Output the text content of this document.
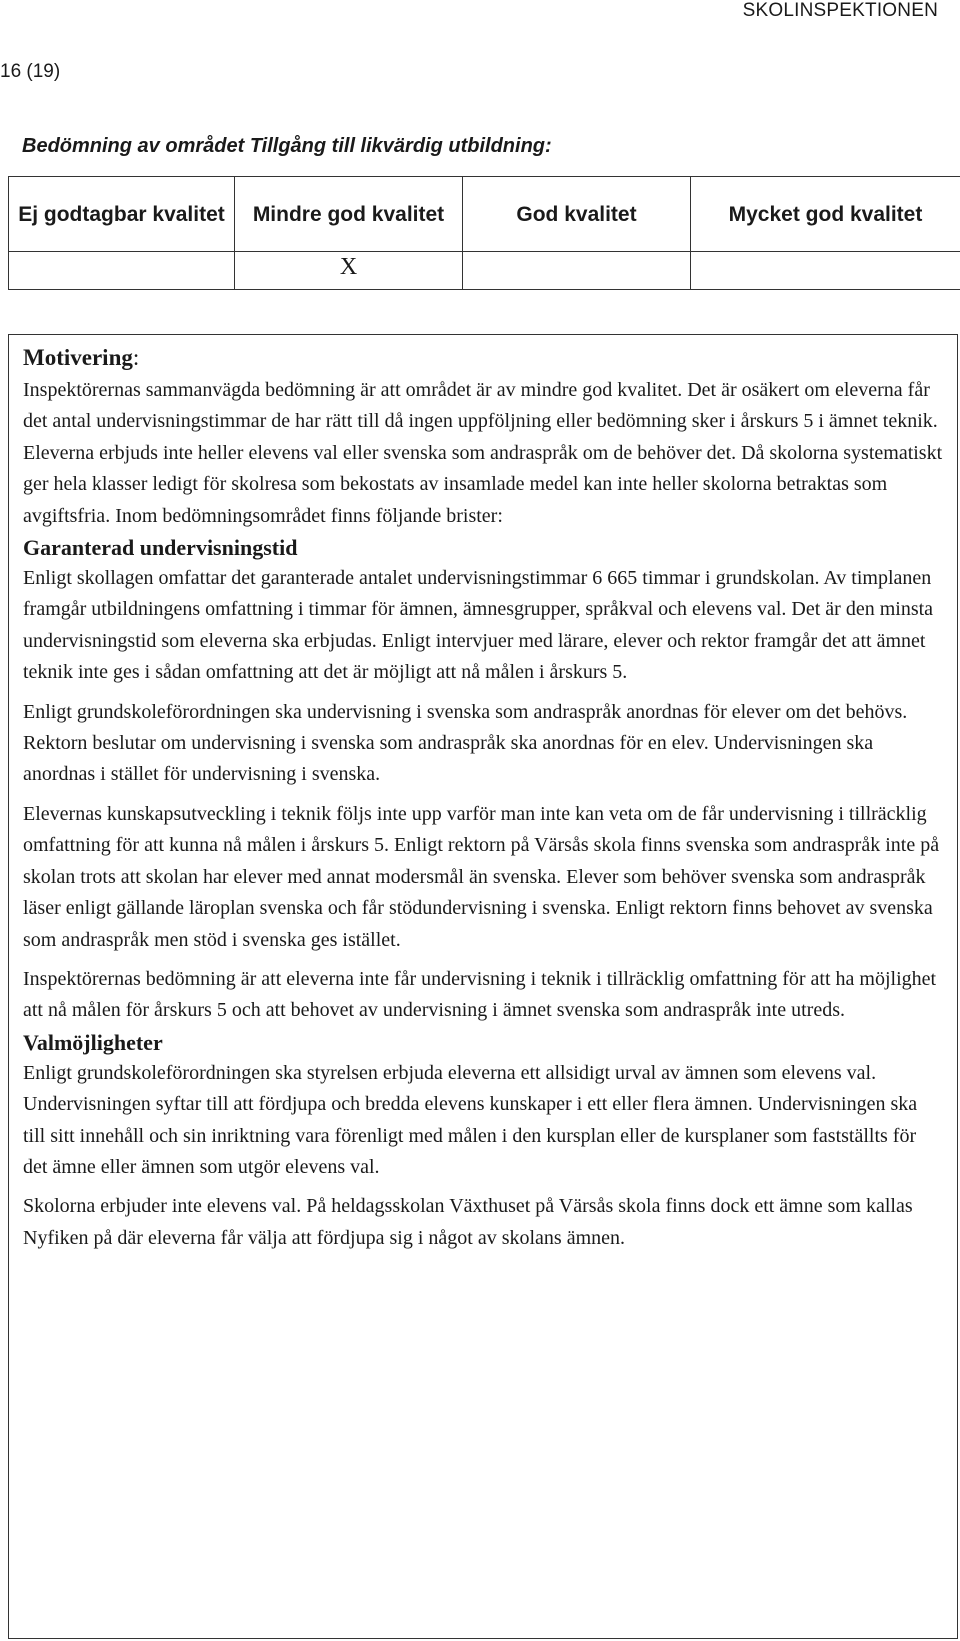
SKOLINSPEKTIONEN
16 (19)
Bedömning av området Tillgång till likvärdig utbildning:
Ej godtagbar kvalitet	Mindre god kvalitet	God kvalitet	Mycket god kvalitet
	X		

Motivering:

Inspektörernas sammanvägda bedömning är att området är av mindre god kvalitet. Det är osäkert om eleverna får det antal undervisningstimmar de har rätt till då ingen uppföljning eller bedömning sker i årskurs 5 i ämnet teknik. Eleverna erbjuds inte heller elevens val eller svenska som andraspråk om de behöver det. Då skolorna systematiskt ger hela klasser ledigt för skolresa som bekostats av insamlade medel kan inte heller skolorna betraktas som avgiftsfria. Inom bedömningsområdet finns följande brister:

Garanterad undervisningstid

Enligt skollagen omfattar det garanterade antalet undervisningstimmar 6 665 timmar i grundskolan. Av timplanen framgår utbildningens omfattning i timmar för ämnen, ämnesgrupper, språkval och elevens val. Det är den minsta undervisningstid som eleverna ska erbjudas. Enligt intervjuer med lärare, elever och rektor framgår det att ämnet teknik inte ges i sådan omfattning att det är möjligt att nå målen i årskurs 5.

Enligt grundskoleförordningen ska undervisning i svenska som andraspråk anordnas för elever om det behövs. Rektorn beslutar om undervisning i svenska som andraspråk ska anordnas för en elev. Undervisningen ska anordnas i stället för undervisning i svenska.

Elevernas kunskapsutveckling i teknik följs inte upp varför man inte kan veta om de får undervisning i tillräcklig omfattning för att kunna nå målen i årskurs 5. Enligt rektorn på Värsås skola finns svenska som andraspråk inte på skolan trots att skolan har elever med annat modersmål än svenska. Elever som behöver svenska som andraspråk läser enligt gällande läroplan svenska och får stödundervisning i svenska. Enligt rektorn finns behovet av svenska som andraspråk men stöd i svenska ges istället.

Inspektörernas bedömning är att eleverna inte får undervisning i teknik i tillräcklig omfattning för att ha möjlighet att nå målen för årskurs 5 och att behovet av undervisning i ämnet svenska som andraspråk inte utreds.

Valmöjligheter

Enligt grundskoleförordningen ska styrelsen erbjuda eleverna ett allsidigt urval av ämnen som elevens val. Undervisningen syftar till att fördjupa och bredda elevens kunskaper i ett eller flera ämnen. Undervisningen ska till sitt innehåll och sin inriktning vara förenligt med målen i den kursplan eller de kursplaner som fastställts för det ämne eller ämnen som utgör elevens val.

Skolorna erbjuder inte elevens val. På heldagsskolan Växthuset på Värsås skola finns dock ett ämne som kallas Nyfiken på där eleverna får välja att fördjupa sig i något av skolans ämnen.
